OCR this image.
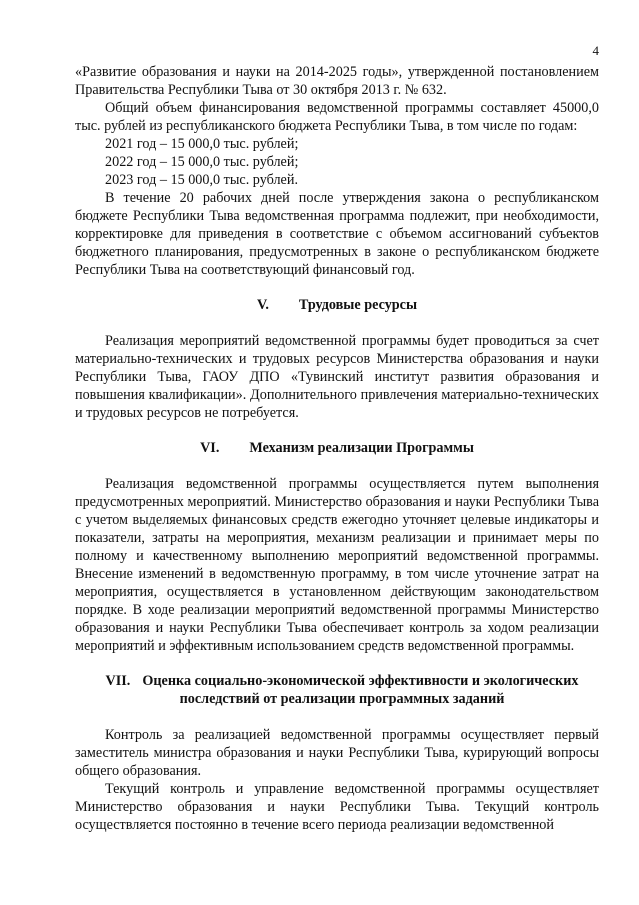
4

«Развитие образования и науки на 2014-2025 годы», утвержденной постановлением Правительства Республики Тыва от 30 октября 2013 г. № 632.

Общий объем финансирования ведомственной программы составляет 45000,0 тыс. рублей из республиканского бюджета Республики Тыва, в том числе по годам:

2021 год – 15 000,0 тыс. рублей;
2022 год – 15 000,0 тыс. рублей;
2023 год – 15 000,0 тыс. рублей.

В течение 20 рабочих дней после утверждения закона о республиканском бюджете Республики Тыва ведомственная программа подлежит, при необходимости, корректировке для приведения в соответствие с объемом ассигнований субъектов бюджетного планирования, предусмотренных в законе о республиканском бюджете Республики Тыва на соответствующий финансовый год.

V. Трудовые ресурсы

Реализация мероприятий ведомственной программы будет проводиться за счет материально-технических и трудовых ресурсов Министерства образования и науки Республики Тыва, ГАОУ ДПО «Тувинский институт развития образования и повышения квалификации». Дополнительного привлечения материально-технических и трудовых ресурсов не потребуется.

VI. Механизм реализации Программы

Реализация ведомственной программы осуществляется путем выполнения предусмотренных мероприятий. Министерство образования и науки Республики Тыва с учетом выделяемых финансовых средств ежегодно уточняет целевые индикаторы и показатели, затраты на мероприятия, механизм реализации и принимает меры по полному и качественному выполнению мероприятий ведомственной программы. Внесение изменений в ведомственную программу, в том числе уточнение затрат на мероприятия, осуществляется в установленном действующим законодательством порядке. В ходе реализации мероприятий ведомственной программы Министерство образования и науки Республики Тыва обеспечивает контроль за ходом реализации мероприятий и эффективным использованием средств ведомственной программы.

VII. Оценка социально-экономической эффективности и экологических
последствий от реализации программных заданий

Контроль за реализацией ведомственной программы осуществляет первый заместитель министра образования и науки Республики Тыва, курирующий вопросы общего образования.

Текущий контроль и управление ведомственной программы осуществляет Министерство образования и науки Республики Тыва. Текущий контроль осуществляется постоянно в течение всего периода реализации ведомственной
